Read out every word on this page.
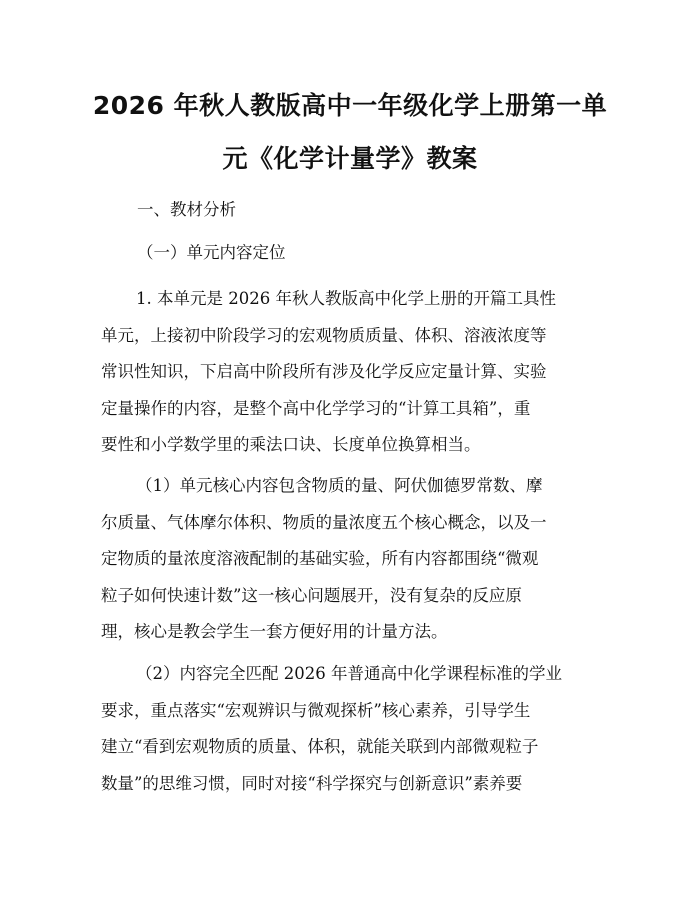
2026 年秋人教版高中一年级化学上册第一单
元《化学计量学》教案
一、教材分析
（一）单元内容定位
1. 本单元是 2026 年秋人教版高中化学上册的开篇工具性
单元，上接初中阶段学习的宏观物质质量、体积、溶液浓度等
常识性知识，下启高中阶段所有涉及化学反应定量计算、实验
定量操作的内容，是整个高中化学学习的“计算工具箱”，重
要性和小学数学里的乘法口诀、长度单位换算相当。
（1）单元核心内容包含物质的量、阿伏伽德罗常数、摩
尔质量、气体摩尔体积、物质的量浓度五个核心概念，以及一
定物质的量浓度溶液配制的基础实验，所有内容都围绕“微观
粒子如何快速计数”这一核心问题展开，没有复杂的反应原
理，核心是教会学生一套方便好用的计量方法。
（2）内容完全匹配 2026 年普通高中化学课程标准的学业
要求，重点落实“宏观辨识与微观探析”核心素养，引导学生
建立“看到宏观物质的质量、体积，就能关联到内部微观粒子
数量”的思维习惯，同时对接“科学探究与创新意识”素养要
